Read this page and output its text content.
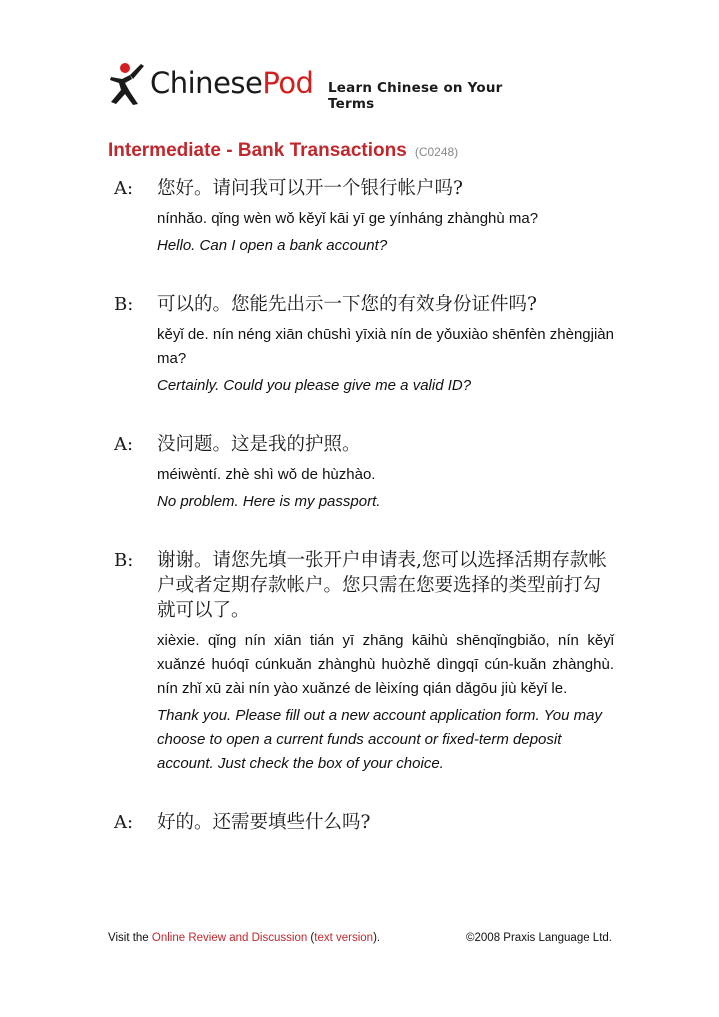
ChinesePod Learn Chinese on Your Terms
Intermediate - Bank Transactions (C0248)
A: 您好。请问我可以开一个银行帐户吗?

nínhǎo. qǐng wèn wǒ kěyǐ kāi yī ge yínháng zhànghù ma?

Hello. Can I open a bank account?

B: 可以的。您能先出示一下您的有效身份证件吗?

kěyǐ de. nín néng xiān chūshì yīxià nín de yǒuxiào shēnfèn zhèngjiàn ma?

Certainly. Could you please give me a valid ID?

A: 没问题。这是我的护照。

méiwèntí. zhè shì wǒ de hùzhào.

No problem. Here is my passport.

B: 谢谢。请您先填一张开户申请表,您可以选择活期存款帐户或者定期存款帐户。您只需在您要选择的类型前打勾就可以了。

xièxie. qǐng nín xiān tián yī zhāng kāihù shēnqǐngbiǎo, nín kěyǐ xuǎnzé huóqī cúnkuǎn zhànghù huòzhě dìngqī cún-kuǎn zhànghù. nín zhǐ xū zài nín yào xuǎnzé de lèixíng qián dǎgōu jiù kěyǐ le.

Thank you. Please fill out a new account application form. You may choose to open a current funds account or fixed-term deposit account. Just check the box of your choice.

A: 好的。还需要填些什么吗?

Visit the Online Review and Discussion (text version).	©2008 Praxis Language Ltd.
